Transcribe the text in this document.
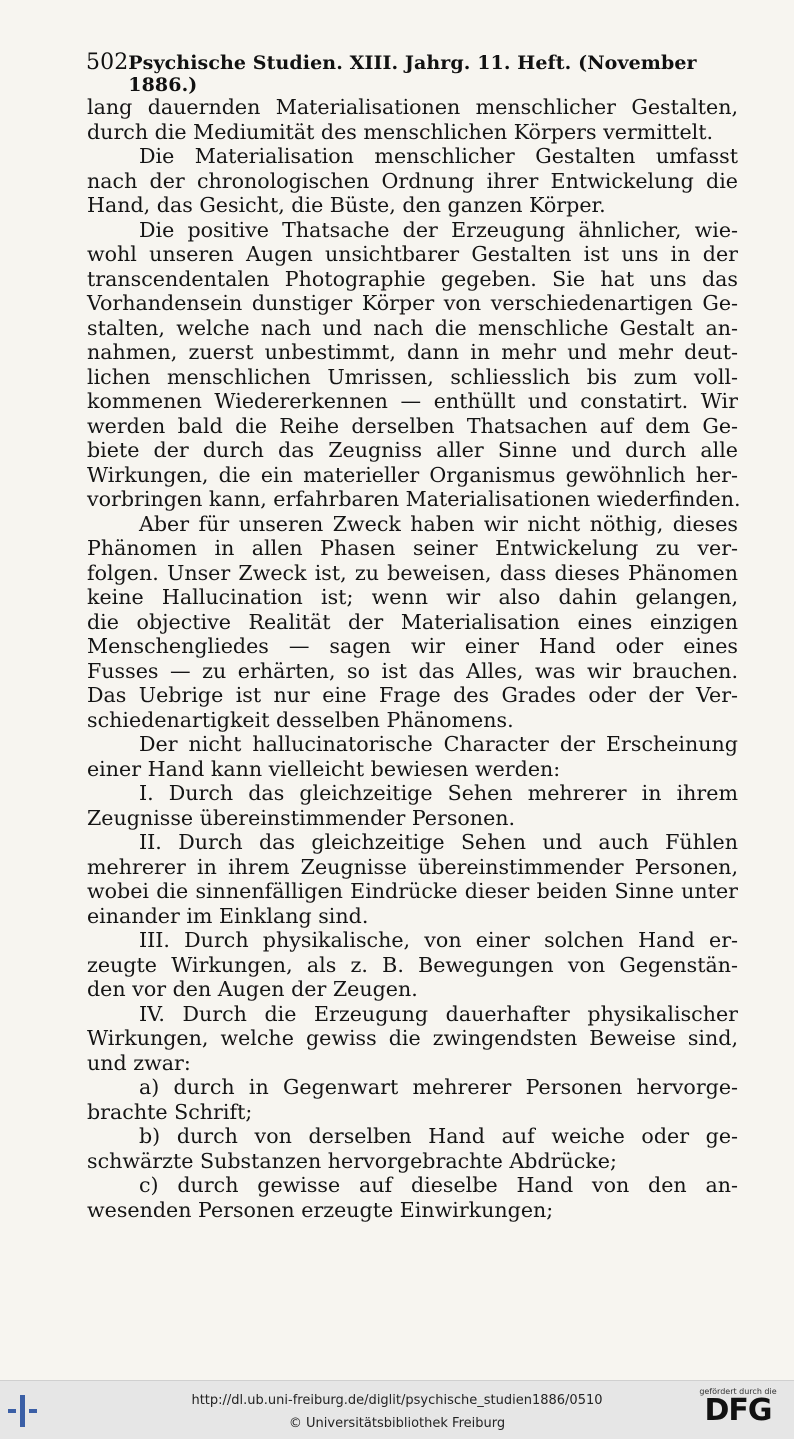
502 Psychische Studien. XIII. Jahrg. 11. Heft. (November 1886.)
lang dauernden Materialisationen menschlicher Gestalten,
durch die Mediumität des menschlichen Körpers vermittelt.
Die Materialisation menschlicher Gestalten umfasst
nach der chronologischen Ordnung ihrer Entwickelung die
Hand, das Gesicht, die Büste, den ganzen Körper.
Die positive Thatsache der Erzeugung ähnlicher, wie-
wohl unseren Augen unsichtbarer Gestalten ist uns in der
transcendentalen Photographie gegeben. Sie hat uns das
Vorhandensein dunstiger Körper von verschiedenartigen Ge-
stalten, welche nach und nach die menschliche Gestalt an-
nahmen, zuerst unbestimmt, dann in mehr und mehr deut-
lichen menschlichen Umrissen, schliesslich bis zum voll-
kommenen Wiedererkennen — enthüllt und constatirt. Wir
werden bald die Reihe derselben Thatsachen auf dem Ge-
biete der durch das Zeugniss aller Sinne und durch alle
Wirkungen, die ein materieller Organismus gewöhnlich her-
vorbringen kann, erfahrbaren Materialisationen wiederfinden.
Aber für unseren Zweck haben wir nicht nöthig, dieses
Phänomen in allen Phasen seiner Entwickelung zu ver-
folgen. Unser Zweck ist, zu beweisen, dass dieses Phänomen
keine Hallucination ist; wenn wir also dahin gelangen,
die objective Realität der Materialisation eines einzigen
Menschengliedes — sagen wir einer Hand oder eines
Fusses — zu erhärten, so ist das Alles, was wir brauchen.
Das Uebrige ist nur eine Frage des Grades oder der Ver-
schiedenartigkeit desselben Phänomens.
Der nicht hallucinatorische Character der Erscheinung
einer Hand kann vielleicht bewiesen werden:
I. Durch das gleichzeitige Sehen mehrerer in ihrem
Zeugnisse übereinstimmender Personen.
II. Durch das gleichzeitige Sehen und auch Fühlen
mehrerer in ihrem Zeugnisse übereinstimmender Personen,
wobei die sinnenfälligen Eindrücke dieser beiden Sinne unter
einander im Einklang sind.
III. Durch physikalische, von einer solchen Hand er-
zeugte Wirkungen, als z. B. Bewegungen von Gegenstän-
den vor den Augen der Zeugen.
IV. Durch die Erzeugung dauerhafter physikalischer
Wirkungen, welche gewiss die zwingendsten Beweise sind,
und zwar:
a) durch in Gegenwart mehrerer Personen hervorge-
brachte Schrift;
b) durch von derselben Hand auf weiche oder ge-
schwärzte Substanzen hervorgebrachte Abdrücke;
c) durch gewisse auf dieselbe Hand von den an-
wesenden Personen erzeugte Einwirkungen;
http://dl.ub.uni-freiburg.de/diglit/psychische_studien1886/0510
© Universitätsbibliothek Freiburg
gefördert durch die
DFG
